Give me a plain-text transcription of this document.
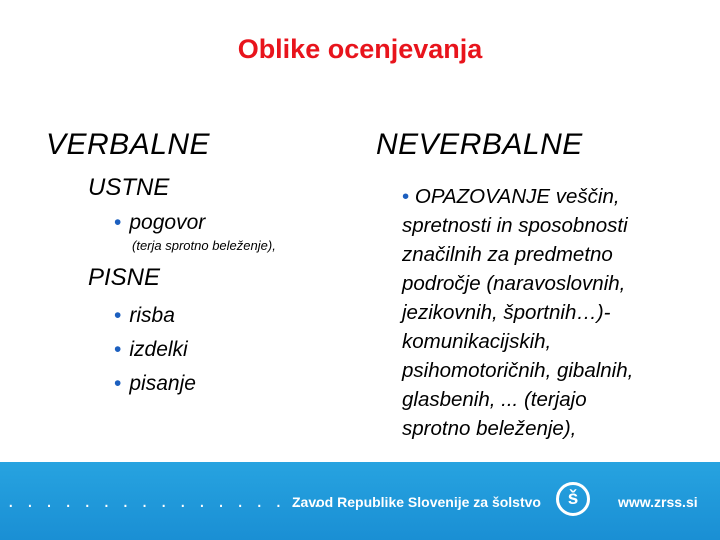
Oblike ocenjevanja
VERBALNE
USTNE
• pogovor
(terja sprotno beleženje),
PISNE
• risba
• izdelki
• pisanje
NEVERBALNE
• OPAZOVANJE veščin,
spretnosti in sposobnosti
značilnih za predmetno
področje (naravoslovnih,
jezikovnih, športnih…)-
komunikacijskih,
psihomotoričnih, gibalnih,
glasbenih, ... (terjajo
sprotno beleženje),
. . . . . . . . . . . . . . . . .
Zavod Republike Slovenije za šolstvo	š	www.zrss.si
